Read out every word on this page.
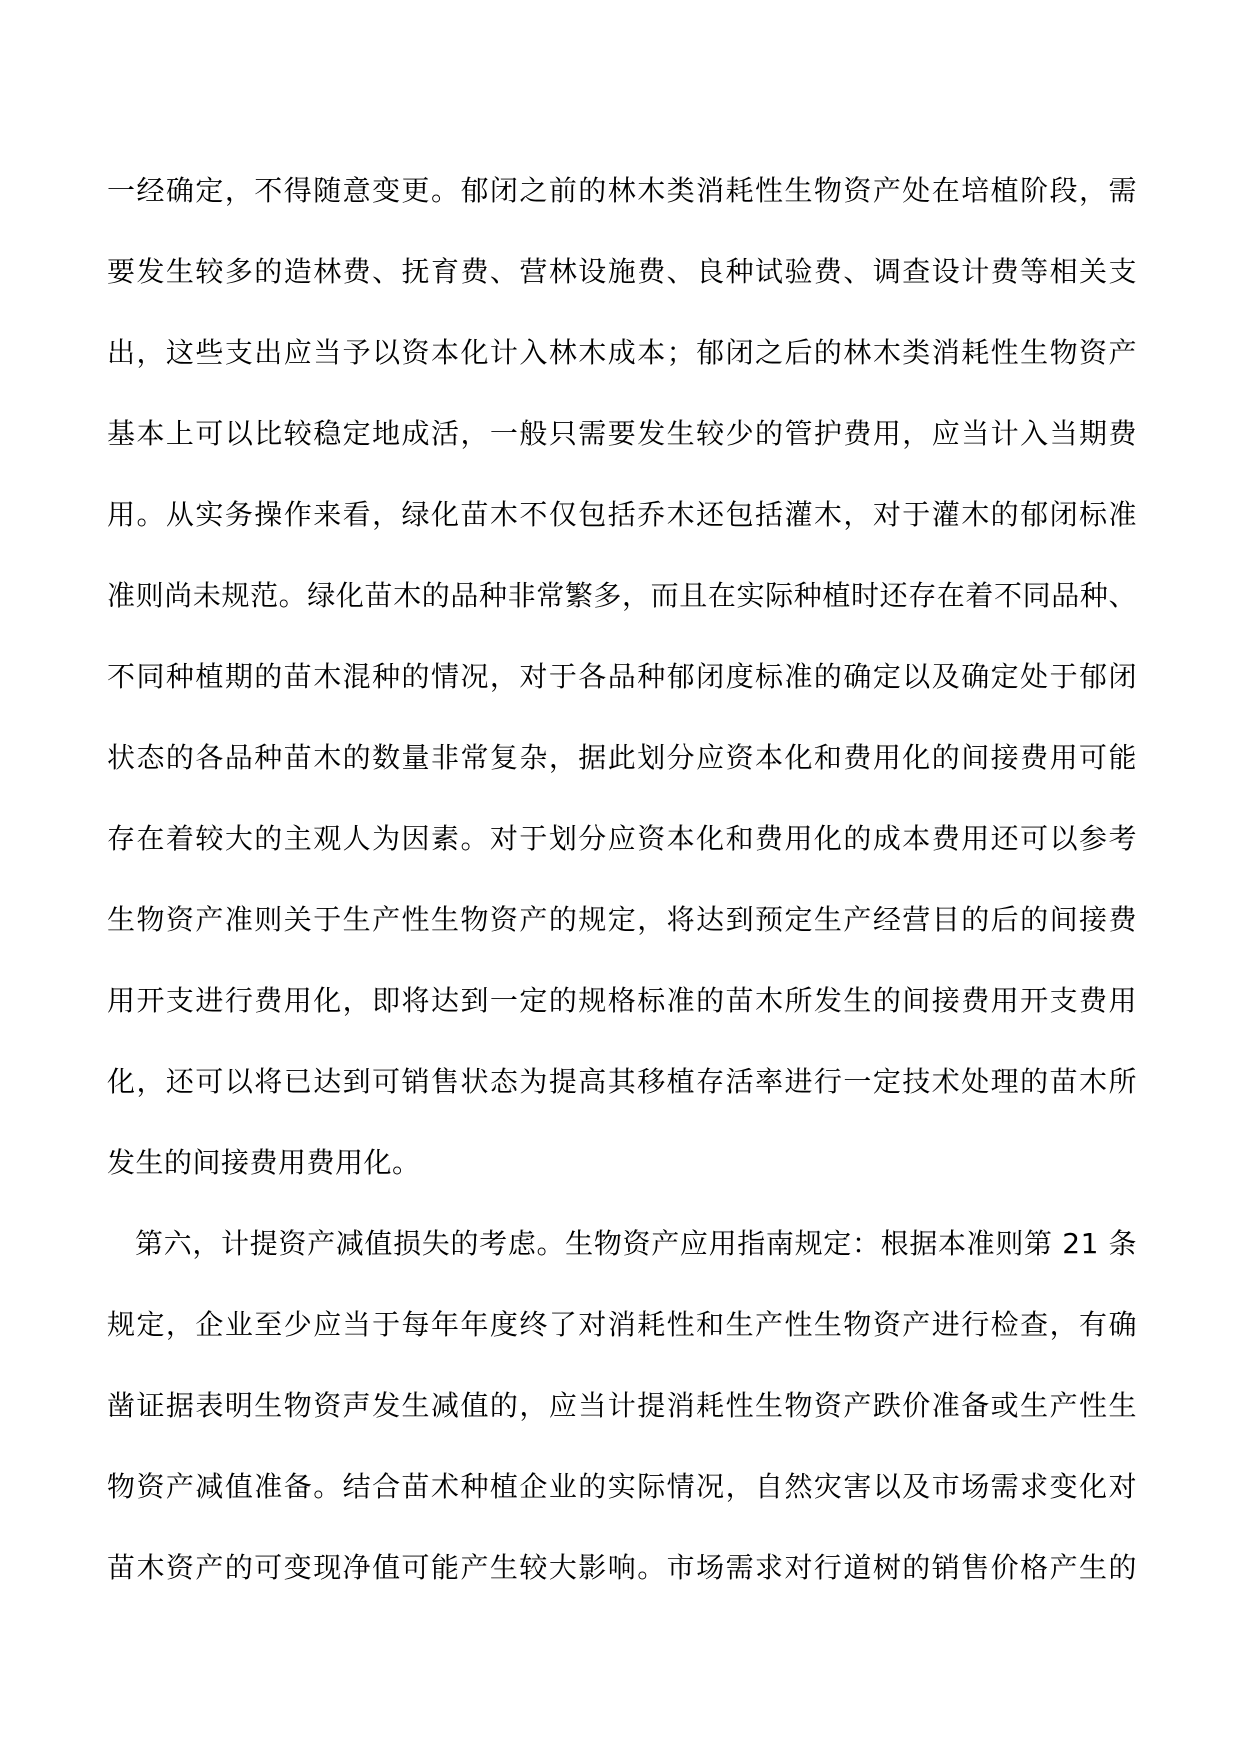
一经确定，不得随意变更。郁闭之前的林木类消耗性生物资产处在培植阶段，需
要发生较多的造林费、抚育费、营林设施费、良种试验费、调查设计费等相关支
出，这些支出应当予以资本化计入林木成本；郁闭之后的林木类消耗性生物资产
基本上可以比较稳定地成活，一般只需要发生较少的管护费用，应当计入当期费
用。从实务操作来看，绿化苗木不仅包括乔木还包括灌木，对于灌木的郁闭标准
准则尚未规范。绿化苗木的品种非常繁多，而且在实际种植时还存在着不同品种、
不同种植期的苗木混种的情况，对于各品种郁闭度标准的确定以及确定处于郁闭
状态的各品种苗木的数量非常复杂，据此划分应资本化和费用化的间接费用可能
存在着较大的主观人为因素。对于划分应资本化和费用化的成本费用还可以参考
生物资产准则关于生产性生物资产的规定，将达到预定生产经营目的后的间接费
用开支进行费用化，即将达到一定的规格标准的苗木所发生的间接费用开支费用
化，还可以将已达到可销售状态为提高其移植存活率进行一定技术处理的苗木所
发生的间接费用费用化。
第六，计提资产减值损失的考虑。生物资产应用指南规定：根据本准则第 21 条
规定，企业至少应当于每年年度终了对消耗性和生产性生物资产进行检查，有确
凿证据表明生物资声发生减值的，应当计提消耗性生物资产跌价准备或生产性生
物资产减值准备。结合苗术种植企业的实际情况，自然灾害以及市场需求变化对
苗木资产的可变现净值可能产生较大影响。市场需求对行道树的销售价格产生的
